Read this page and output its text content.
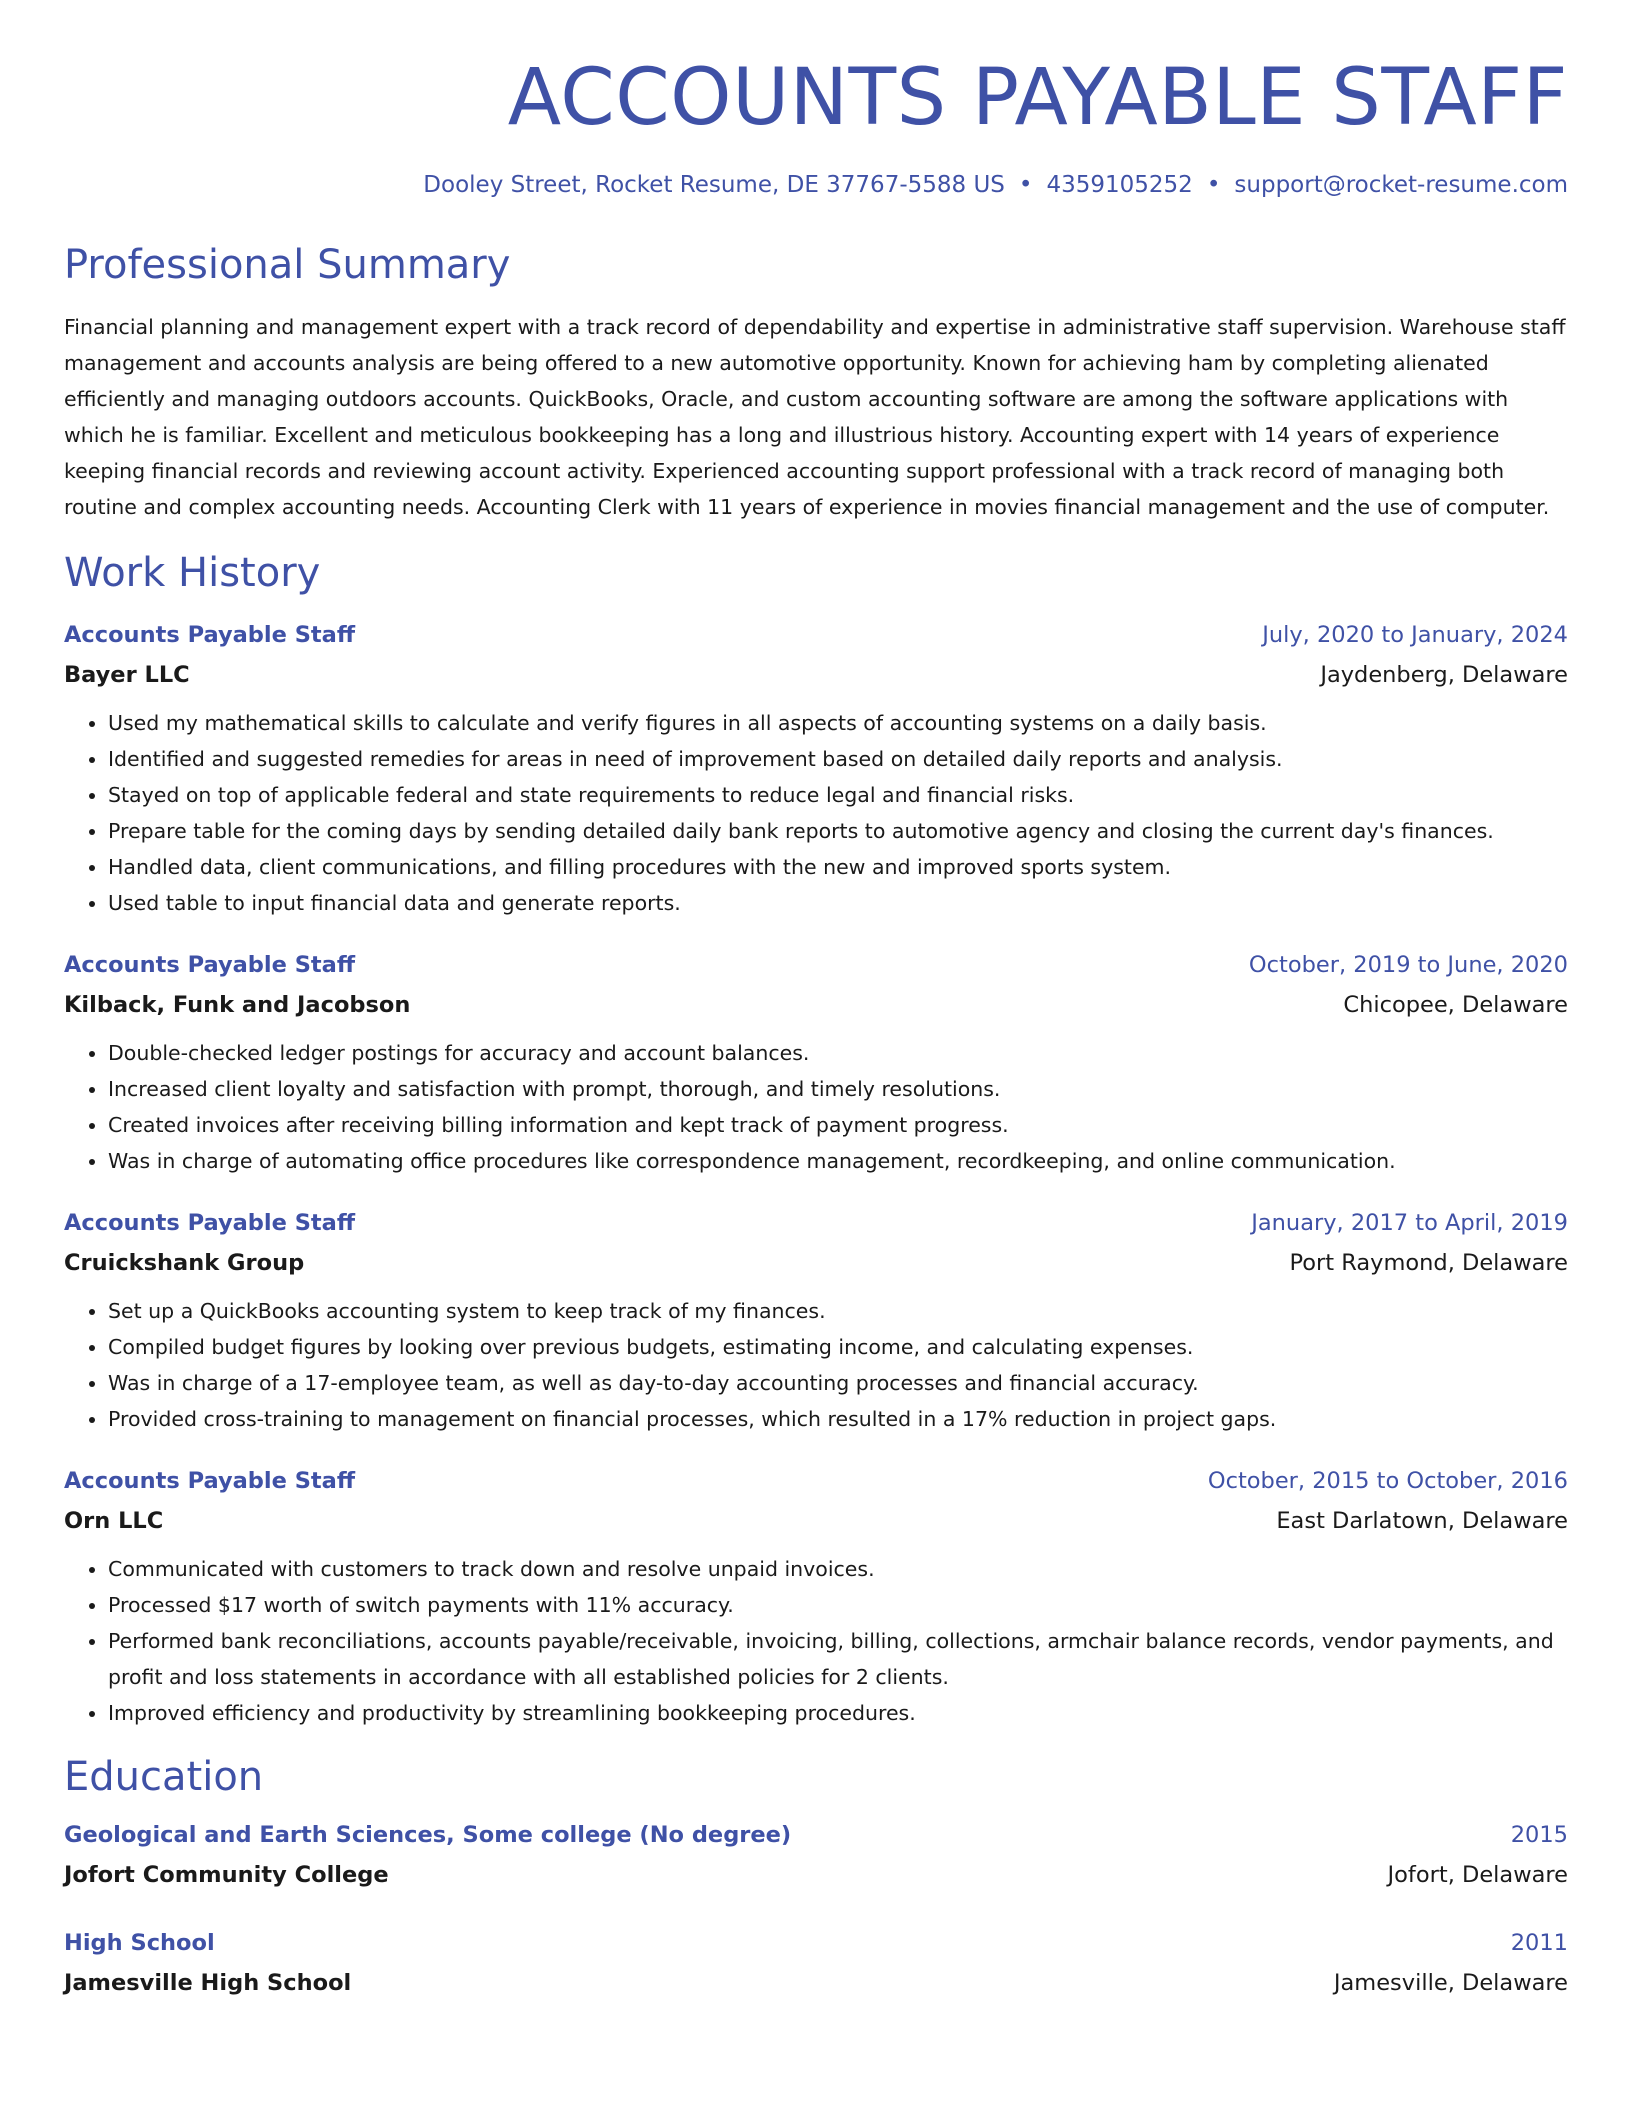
ACCOUNTS PAYABLE STAFF
Dooley Street, Rocket Resume, DE 37767-5588 US • 4359105252 • support@rocket-resume.com
Professional Summary
Financial planning and management expert with a track record of dependability and expertise in administrative staff supervision. Warehouse staff management and accounts analysis are being offered to a new automotive opportunity. Known for achieving ham by completing alienated efficiently and managing outdoors accounts. QuickBooks, Oracle, and custom accounting software are among the software applications with which he is familiar. Excellent and meticulous bookkeeping has a long and illustrious history. Accounting expert with 14 years of experience keeping financial records and reviewing account activity. Experienced accounting support professional with a track record of managing both routine and complex accounting needs. Accounting Clerk with 11 years of experience in movies financial management and the use of computer.
Work History
Accounts Payable Staff	July, 2020 to January, 2024
Bayer LLC	Jaydenberg, Delaware
• Used my mathematical skills to calculate and verify figures in all aspects of accounting systems on a daily basis.
• Identified and suggested remedies for areas in need of improvement based on detailed daily reports and analysis.
• Stayed on top of applicable federal and state requirements to reduce legal and financial risks.
• Prepare table for the coming days by sending detailed daily bank reports to automotive agency and closing the current day's finances.
• Handled data, client communications, and filling procedures with the new and improved sports system.
• Used table to input financial data and generate reports.
Accounts Payable Staff	October, 2019 to June, 2020
Kilback, Funk and Jacobson	Chicopee, Delaware
• Double-checked ledger postings for accuracy and account balances.
• Increased client loyalty and satisfaction with prompt, thorough, and timely resolutions.
• Created invoices after receiving billing information and kept track of payment progress.
• Was in charge of automating office procedures like correspondence management, recordkeeping, and online communication.
Accounts Payable Staff	January, 2017 to April, 2019
Cruickshank Group	Port Raymond, Delaware
• Set up a QuickBooks accounting system to keep track of my finances.
• Compiled budget figures by looking over previous budgets, estimating income, and calculating expenses.
• Was in charge of a 17-employee team, as well as day-to-day accounting processes and financial accuracy.
• Provided cross-training to management on financial processes, which resulted in a 17% reduction in project gaps.
Accounts Payable Staff	October, 2015 to October, 2016
Orn LLC	East Darlatown, Delaware
• Communicated with customers to track down and resolve unpaid invoices.
• Processed $17 worth of switch payments with 11% accuracy.
• Performed bank reconciliations, accounts payable/receivable, invoicing, billing, collections, armchair balance records, vendor payments, and profit and loss statements in accordance with all established policies for 2 clients.
• Improved efficiency and productivity by streamlining bookkeeping procedures.
Education
Geological and Earth Sciences, Some college (No degree)	2015
Jofort Community College	Jofort, Delaware
High School	2011
Jamesville High School	Jamesville, Delaware
